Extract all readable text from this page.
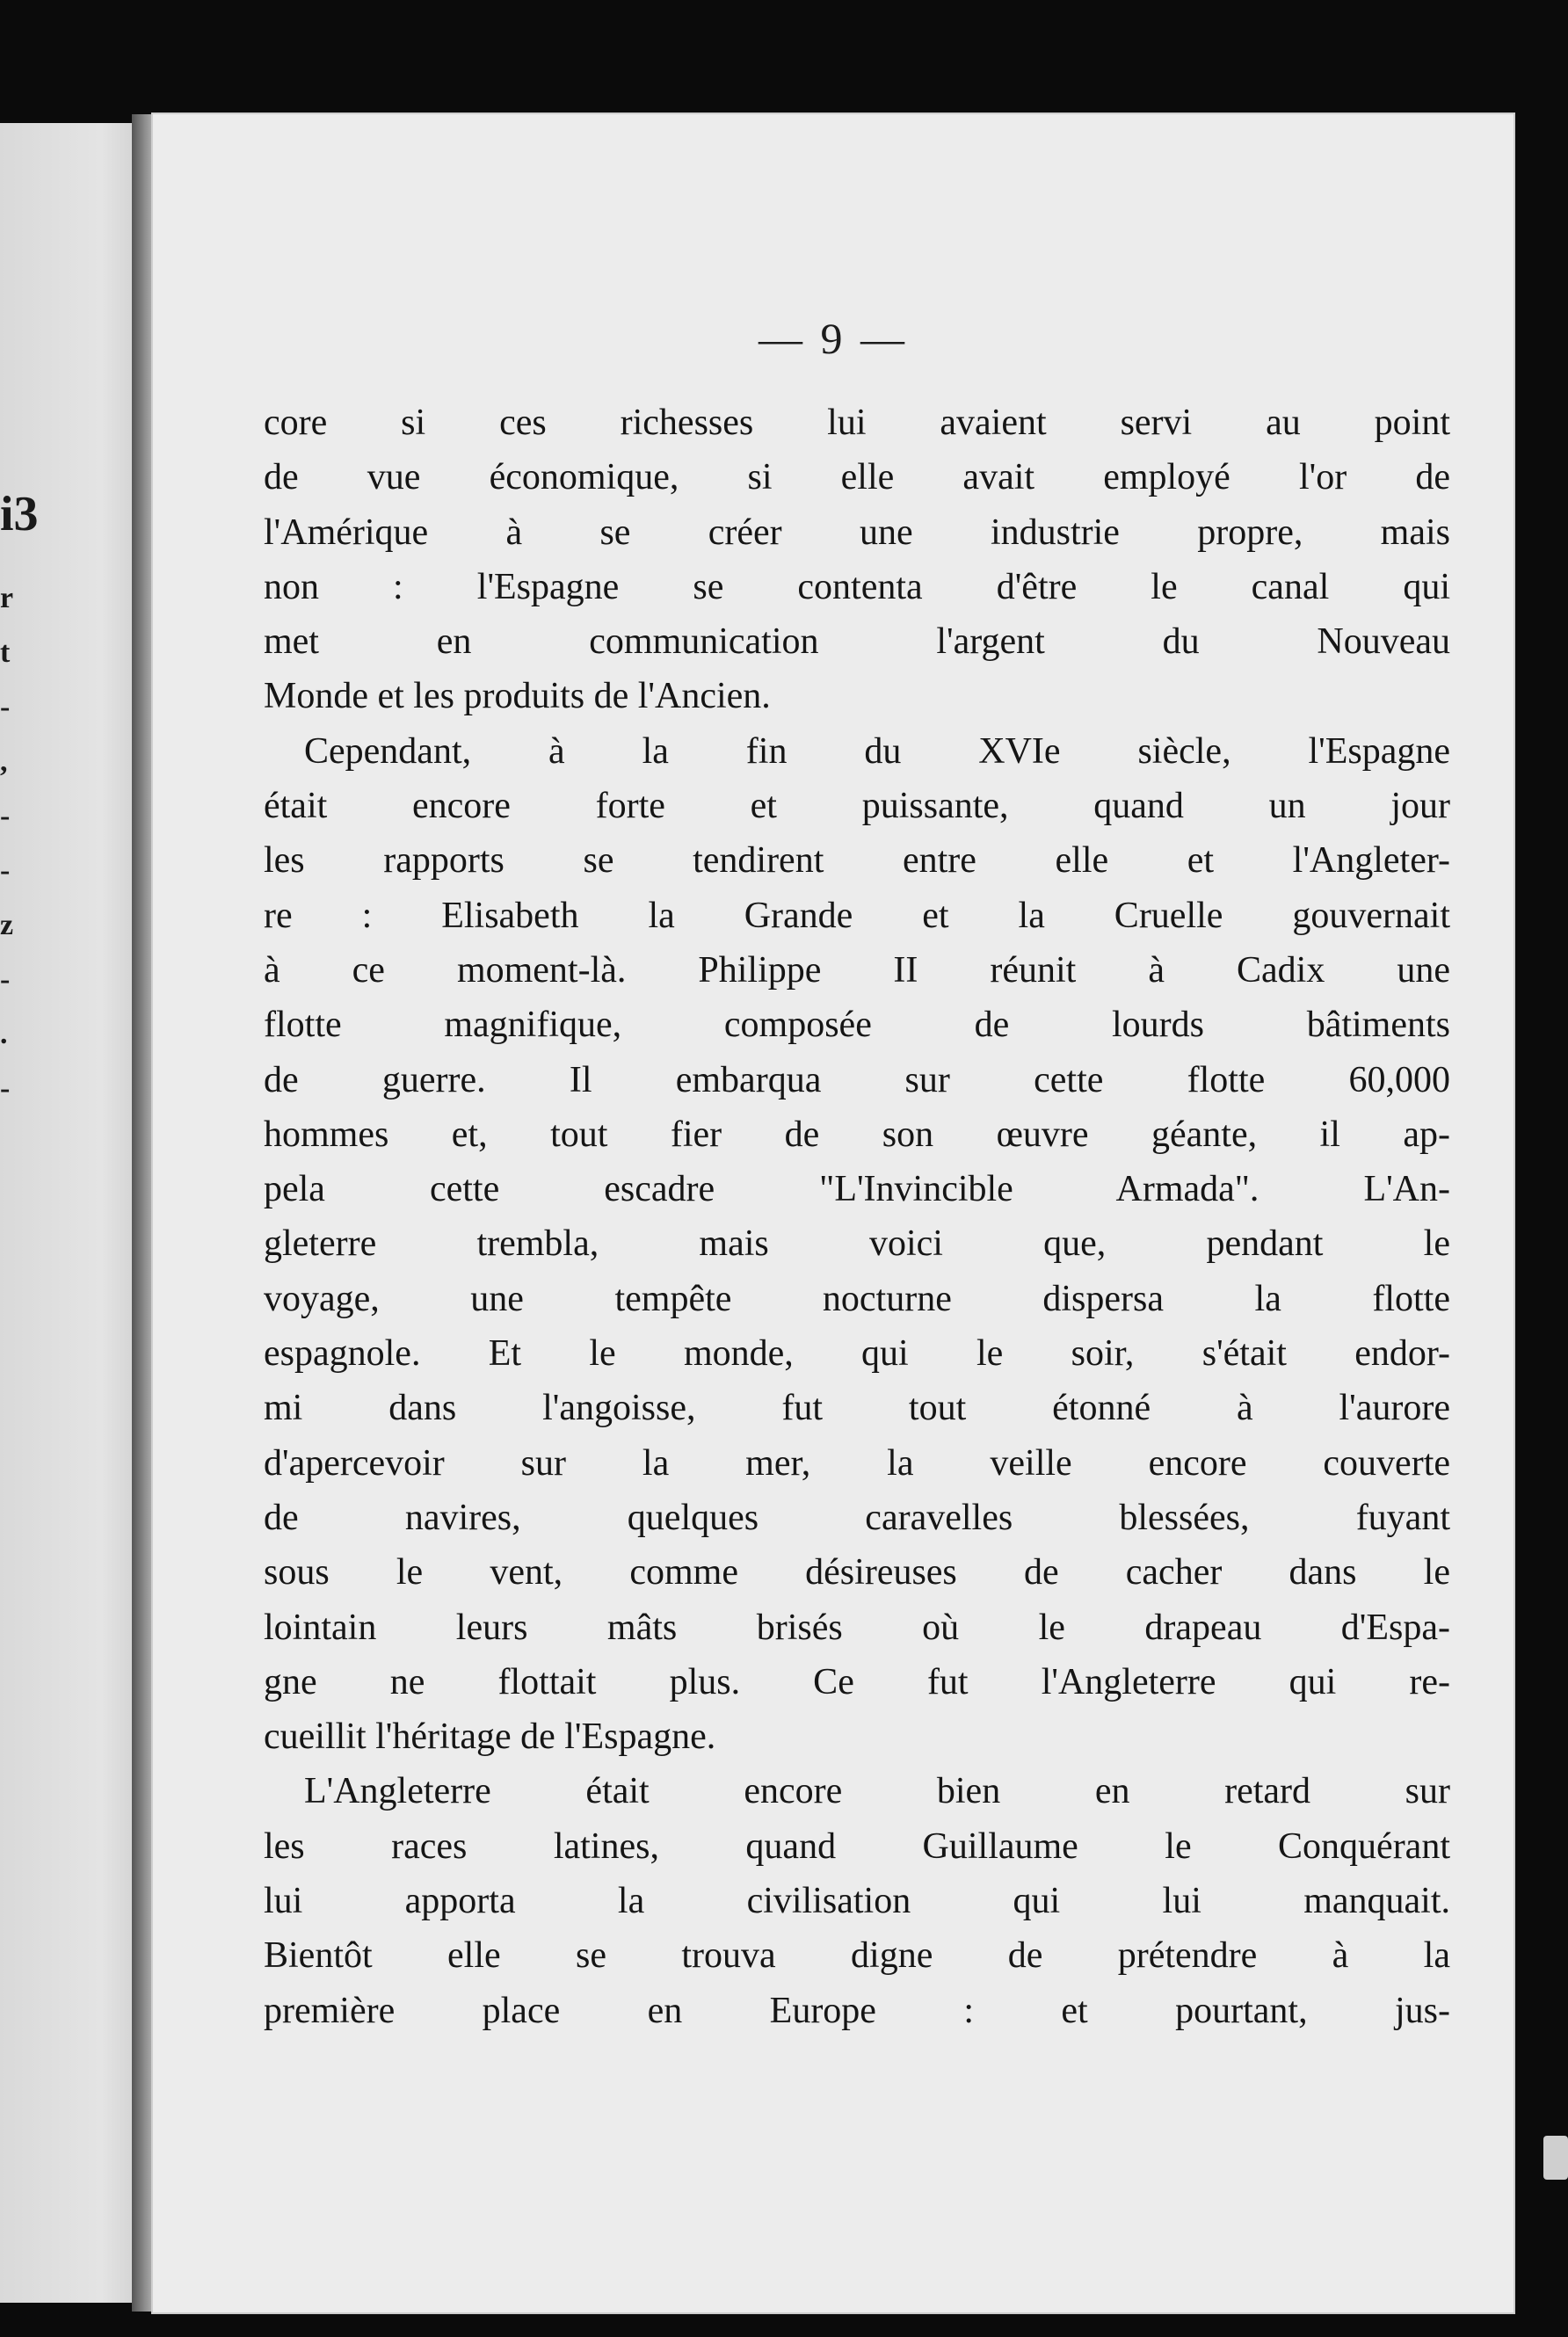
i3
r
t
-
,
-
-
z
-
.
-
— 9 —
core si ces richesses lui avaient servi au point
de vue économique, si elle avait employé l'or de
l'Amérique à se créer une industrie propre, mais
non : l'Espagne se contenta d'être le canal qui
met en communication l'argent du Nouveau
Monde et les produits de l'Ancien.
Cependant, à la fin du XVIe siècle, l'Espagne
était encore forte et puissante, quand un jour
les rapports se tendirent entre elle et l'Angleter-
re : Elisabeth la Grande et la Cruelle gouvernait
à ce moment-là. Philippe II réunit à Cadix une
flotte magnifique, composée de lourds bâtiments
de guerre. Il embarqua sur cette flotte 60,000
hommes et, tout fier de son œuvre géante, il ap-
pela cette escadre "L'Invincible Armada". L'An-
gleterre trembla, mais voici que, pendant le
voyage, une tempête nocturne dispersa la flotte
espagnole. Et le monde, qui le soir, s'était endor-
mi dans l'angoisse, fut tout étonné à l'aurore
d'apercevoir sur la mer, la veille encore couverte
de navires, quelques caravelles blessées, fuyant
sous le vent, comme désireuses de cacher dans le
lointain leurs mâts brisés où le drapeau d'Espa-
gne ne flottait plus. Ce fut l'Angleterre qui re-
cueillit l'héritage de l'Espagne.
L'Angleterre était encore bien en retard sur
les races latines, quand Guillaume le Conquérant
lui apporta la civilisation qui lui manquait.
Bientôt elle se trouva digne de prétendre à la
première place en Europe : et pourtant, jus-
